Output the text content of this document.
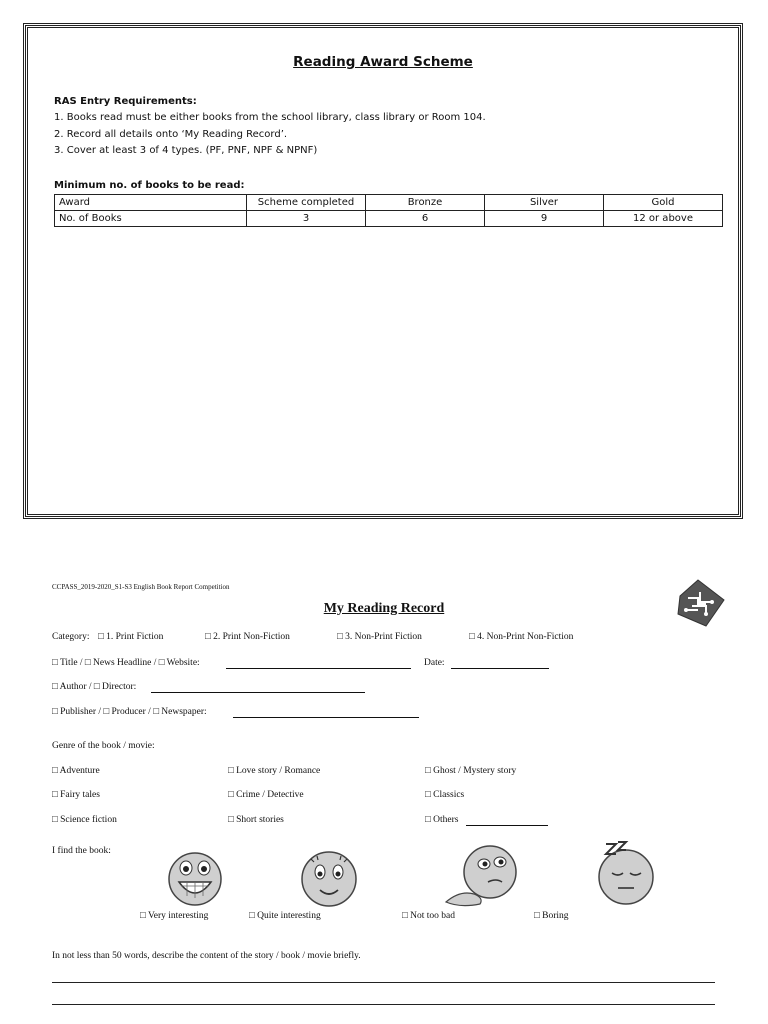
Reading Award Scheme
RAS Entry Requirements:
1. Books read must be either books from the school library, class library or Room 104.
2. Record all details onto ‘My Reading Record’.
3. Cover at least 3 of 4 types. (PF, PNF, NPF & NPNF)
Minimum no. of books to be read:
Award	Scheme completed	Bronze	Silver	Gold
No. of Books	3	6	9	12 or above
CCPASS_2019-2020_S1-S3 English Book Report Competition
My Reading Record
Category: □ 1. Print Fiction	□ 2. Print Non-Fiction	□ 3. Non-Print Fiction	□ 4. Non-Print Non-Fiction
□ Title / □ News Headline / □ Website:	Date:
□ Author / □ Director:
□ Publisher / □ Producer / □ Newspaper:
Genre of the book / movie:
□ Adventure	□ Love story / Romance	□ Ghost / Mystery story
□ Fairy tales	□ Crime / Detective	□ Classics
□ Science fiction	□ Short stories	□ Others
I find the book:
□ Very interesting	□ Quite interesting	□ Not too bad	□ Boring
In not less than 50 words, describe the content of the story / book / movie briefly.
